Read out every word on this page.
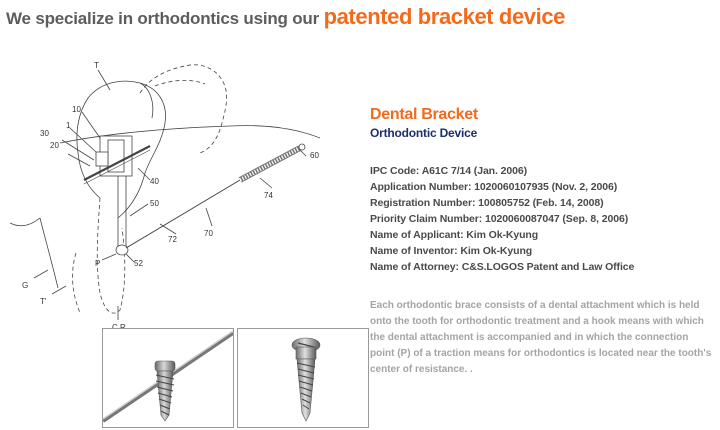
We specialize in orthodontics using our patented bracket device
T
10
1
30
20
40
50
72
70
74
60
52
P
G
T'
Dental Bracket
Orthodontic Device
IPC Code: A61C 7/14 (Jan. 2006)
Application Number: 1020060107935 (Nov. 2, 2006)
Registration Number: 100805752 (Feb. 14, 2008)
Priority Claim Number: 1020060087047 (Sep. 8, 2006)
Name of Applicant: Kim Ok-Kyung
Name of Inventor: Kim Ok-Kyung
Name of Attorney: C&S.LOGOS Patent and Law Office
Each orthodontic brace consists of a dental attachment which is held onto the tooth for orthodontic treatment and a hook means with which the dental attachment is accompanied and in which the connection point (P) of a traction means for orthodontics is located near the tooth's center of resistance. .
